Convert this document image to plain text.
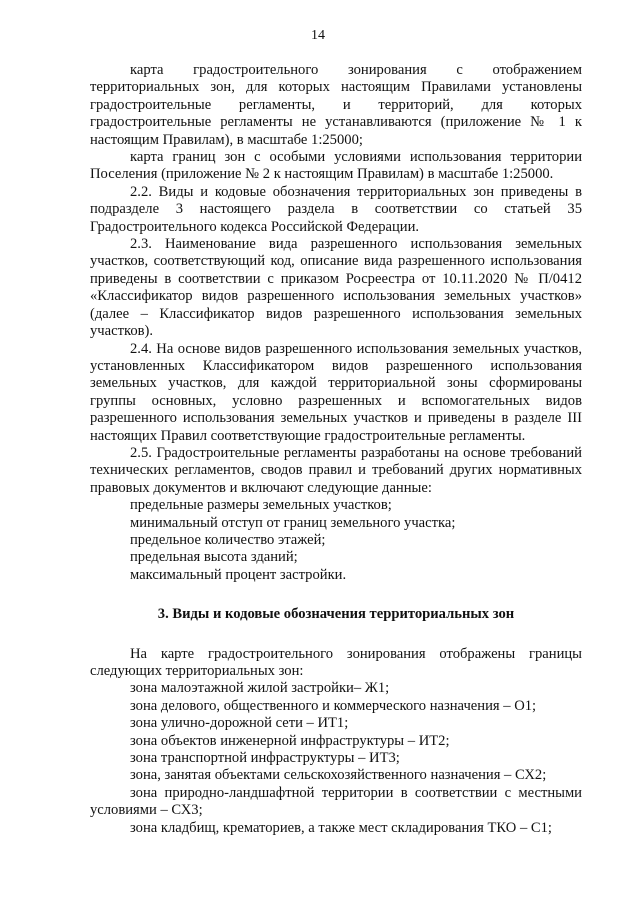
14

карта градостроительного зонирования с отображением территориальных зон, для которых настоящим Правилами установлены градостроительные регламенты, и территорий, для которых градостроительные регламенты не устанавливаются (приложение № 1 к настоящим Правилам), в масштабе 1:25000;

карта границ зон с особыми условиями использования территории Поселения (приложение № 2 к настоящим Правилам) в масштабе 1:25000.

2.2. Виды и кодовые обозначения территориальных зон приведены в подразделе 3 настоящего раздела в соответствии со статьей 35 Градостроительного кодекса Российской Федерации.

2.3. Наименование вида разрешенного использования земельных участков, соответствующий код, описание вида разрешенного использования приведены в соответствии с приказом Росреестра от 10.11.2020 № П/0412 «Классификатор видов разрешенного использования земельных участков» (далее – Классификатор видов разрешенного использования земельных участков).

2.4. На основе видов разрешенного использования земельных участков, установленных Классификатором видов разрешенного использования земельных участков, для каждой территориальной зоны сформированы группы основных, условно разрешенных и вспомогательных видов разрешенного использования земельных участков и приведены в разделе III настоящих Правил соответствующие градостроительные регламенты.

2.5. Градостроительные регламенты разработаны на основе требований технических регламентов, сводов правил и требований других нормативных правовых документов и включают следующие данные:

предельные размеры земельных участков;

минимальный отступ от границ земельного участка;

предельное количество этажей;

предельная высота зданий;

максимальный процент застройки.

3. Виды и кодовые обозначения территориальных зон

На карте градостроительного зонирования отображены границы следующих территориальных зон:

зона малоэтажной жилой застройки– Ж1;

зона делового, общественного и коммерческого назначения – О1;

зона улично-дорожной сети – ИТ1;

зона объектов инженерной инфраструктуры – ИТ2;

зона транспортной инфраструктуры – ИТ3;

зона, занятая объектами сельскохозяйственного назначения – СХ2;

зона природно-ландшафтной территории в соответствии с местными условиями – СХ3;

зона кладбищ, крематориев, а также мест складирования ТКО – С1;
